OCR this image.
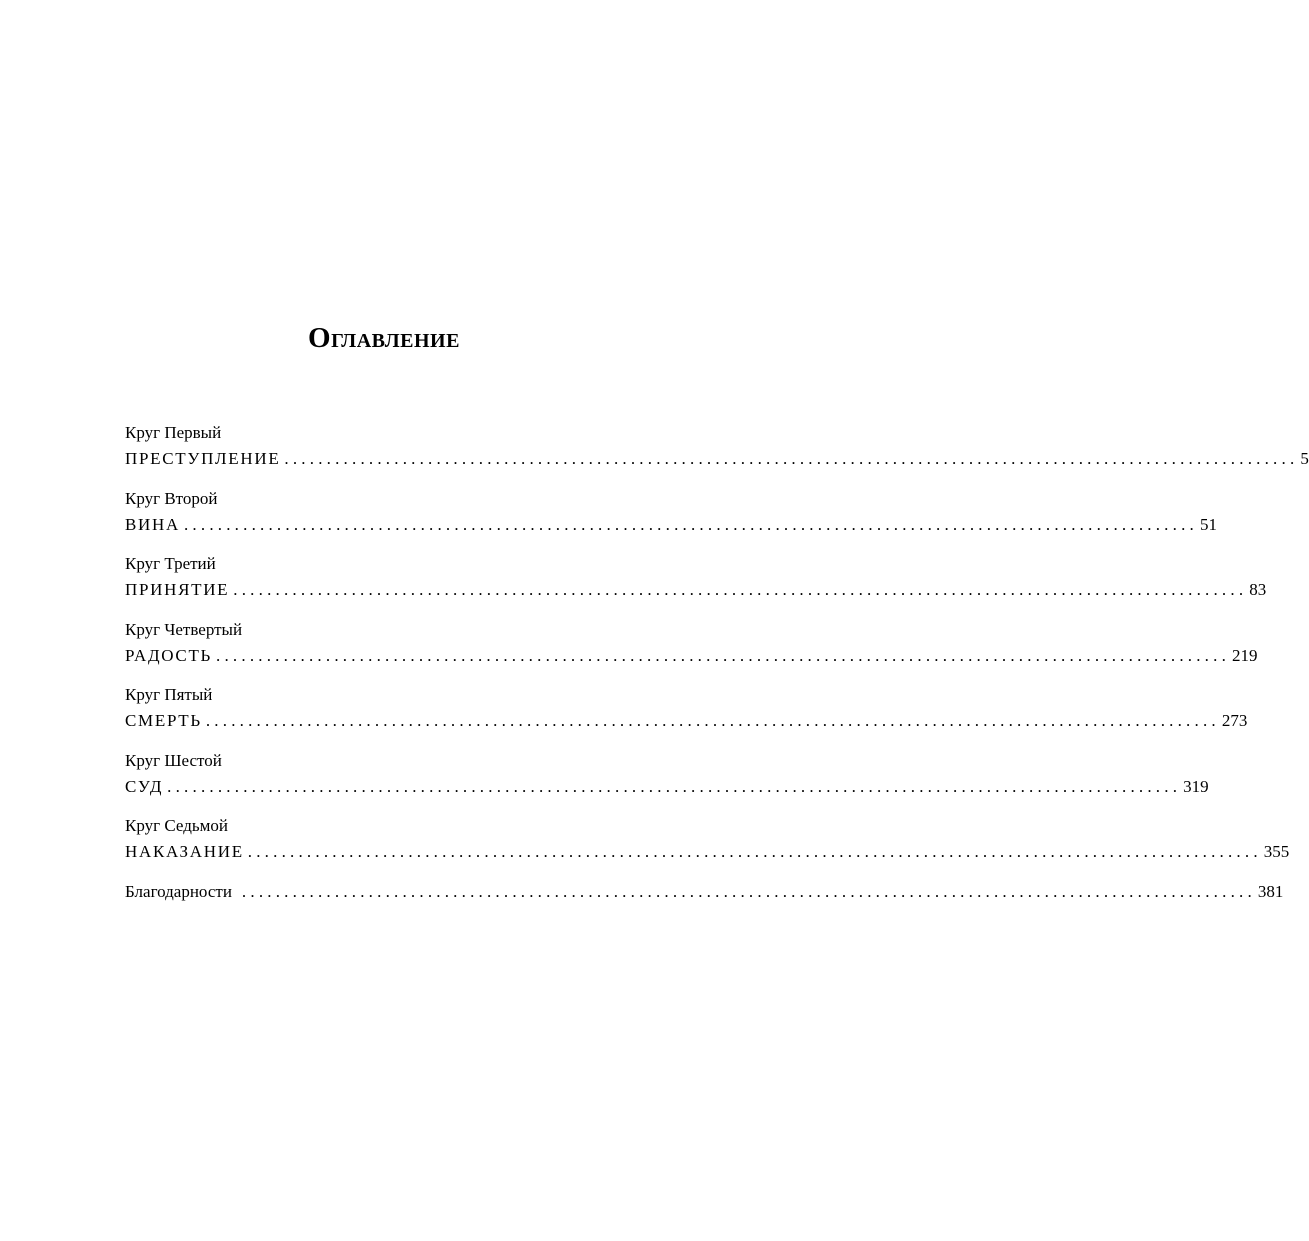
Оглавление
Круг Первый
ПРЕСТУПЛЕНИЕ ........................................................................................................................ 5
Круг Второй
ВИНА ........................................................................................................................ 51
Круг Третий
ПРИНЯТИЕ ........................................................................................................................ 83
Круг Четвертый
РАДОСТЬ ........................................................................................................................ 219
Круг Пятый
СМЕРТЬ ........................................................................................................................ 273
Круг Шестой
СУД ........................................................................................................................ 319
Круг Седьмой
НАКАЗАНИЕ ........................................................................................................................ 355
Благодарности ........................................................................................................................ 381
